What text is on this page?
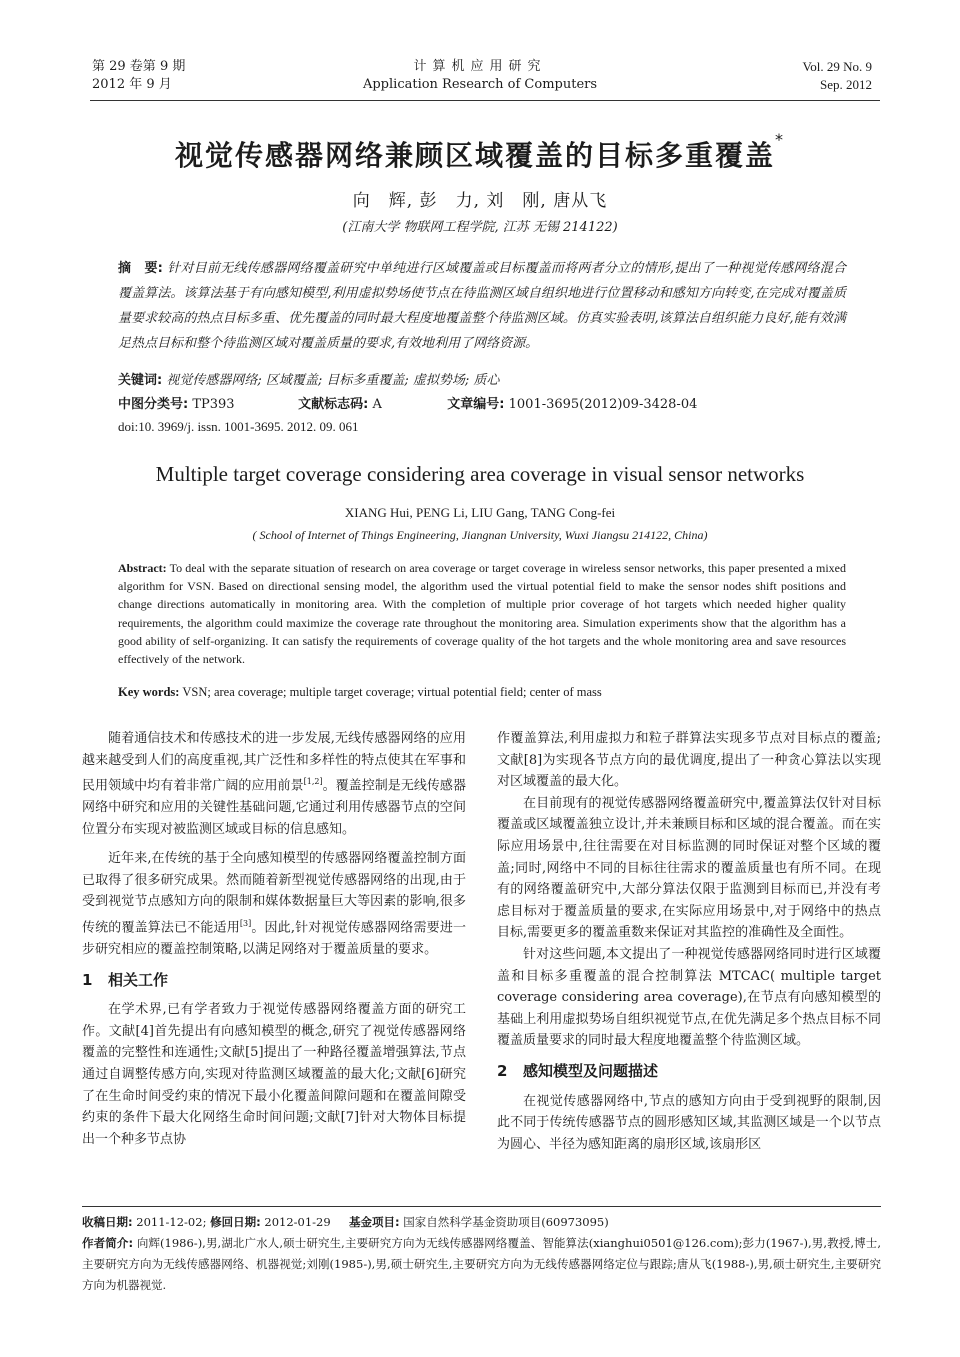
第 29 卷第 9 期
2012 年 9 月
计算机应用研究
Application Research of Computers
Vol. 29 No. 9
Sep. 2012
视觉传感器网络兼顾区域覆盖的目标多重覆盖*
向　辉, 彭　力, 刘　刚, 唐从飞
(江南大学 物联网工程学院, 江苏 无锡 214122)
摘　要: 针对目前无线传感器网络覆盖研究中单纯进行区域覆盖或目标覆盖而将两者分立的情形,提出了一种视觉传感网络混合覆盖算法。该算法基于有向感知模型,利用虚拟势场使节点在待监测区域自组织地进行位置移动和感知方向转变,在完成对覆盖质量要求较高的热点目标多重、优先覆盖的同时最大程度地覆盖整个待监测区域。仿真实验表明,该算法自组织能力良好,能有效满足热点目标和整个待监测区域对覆盖质量的要求,有效地利用了网络资源。
关键词: 视觉传感器网络; 区域覆盖; 目标多重覆盖; 虚拟势场; 质心
中图分类号: TP393	文献标志码: A	文章编号: 1001-3695(2012)09-3428-04
doi:10. 3969/j. issn. 1001-3695. 2012. 09. 061
Multiple target coverage considering area coverage in visual sensor networks
XIANG Hui, PENG Li, LIU Gang, TANG Cong-fei
( School of Internet of Things Engineering, Jiangnan University, Wuxi Jiangsu 214122, China)
Abstract: To deal with the separate situation of research on area coverage or target coverage in wireless sensor networks, this paper presented a mixed algorithm for VSN. Based on directional sensing model, the algorithm used the virtual potential field to make the sensor nodes shift positions and change directions automatically in monitoring area. With the completion of multiple prior coverage of hot targets which needed higher quality requirements, the algorithm could maximize the coverage rate throughout the monitoring area. Simulation experiments show that the algorithm has a good ability of self-organizing. It can satisfy the requirements of coverage quality of the hot targets and the whole monitoring area and save resources effectively of the network.
Key words: VSN; area coverage; multiple target coverage; virtual potential field; center of mass

随着通信技术和传感技术的进一步发展,无线传感器网络的应用越来越受到人们的高度重视,其广泛性和多样性的特点使其在军事和民用领域中均有着非常广阔的应用前景[1,2]。覆盖控制是无线传感器网络中研究和应用的关键性基础问题,它通过利用传感器节点的空间位置分布实现对被监测区域或目标的信息感知。

近年来,在传统的基于全向感知模型的传感器网络覆盖控制方面已取得了很多研究成果。然而随着新型视觉传感器网络的出现,由于受到视觉节点感知方向的限制和媒体数据量巨大等因素的影响,很多传统的覆盖算法已不能适用[3]。因此,针对视觉传感器网络需要进一步研究相应的覆盖控制策略,以满足网络对于覆盖质量的要求。

1 相关工作

在学术界,已有学者致力于视觉传感器网络覆盖方面的研究工作。文献[4]首先提出有向感知模型的概念,研究了视觉传感器网络覆盖的完整性和连通性;文献[5]提出了一种路径覆盖增强算法,节点通过自调整传感方向,实现对待监测区域覆盖的最大化;文献[6]研究了在生命时间受约束的情况下最小化覆盖间隙问题和在覆盖间隙受约束的条件下最大化网络生命时间问题;文献[7]针对大物体目标提出一个种多节点协

作覆盖算法,利用虚拟力和粒子群算法实现多节点对目标点的覆盖;文献[8]为实现各节点方向的最优调度,提出了一种贪心算法以实现对区域覆盖的最大化。

在目前现有的视觉传感器网络覆盖研究中,覆盖算法仅针对目标覆盖或区域覆盖独立设计,并未兼顾目标和区域的混合覆盖。而在实际应用场景中,往往需要在对目标监测的同时保证对整个区域的覆盖;同时,网络中不同的目标往往需求的覆盖质量也有所不同。在现有的网络覆盖研究中,大部分算法仅限于监测到目标而已,并没有考虑目标对于覆盖质量的要求,在实际应用场景中,对于网络中的热点目标,需要更多的覆盖重数来保证对其监控的准确性及全面性。

针对这些问题,本文提出了一种视觉传感器网络同时进行区域覆盖和目标多重覆盖的混合控制算法 MTCAC( multiple target coverage considering area coverage),在节点有向感知模型的基础上利用虚拟势场自组织视觉节点,在优先满足多个热点目标不同覆盖质量要求的同时最大程度地覆盖整个待监测区域。

2 感知模型及问题描述

在视觉传感器网络中,节点的感知方向由于受到视野的限制,因此不同于传统传感器节点的圆形感知区域,其监测区域是一个以节点为圆心、半径为感知距离的扇形区域,该扇形区

收稿日期: 2011-12-02; 修回日期: 2012-01-29 基金项目: 国家自然科学基金资助项目(60973095)
作者简介: 向辉(1986-),男,湖北广水人,硕士研究生,主要研究方向为无线传感器网络覆盖、智能算法(xianghui0501@126.com);彭力(1967-),男,教授,博士,主要研究方向为无线传感器网络、机器视觉;刘刚(1985-),男,硕士研究生,主要研究方向为无线传感器网络定位与跟踪;唐从飞(1988-),男,硕士研究生,主要研究方向为机器视觉.
